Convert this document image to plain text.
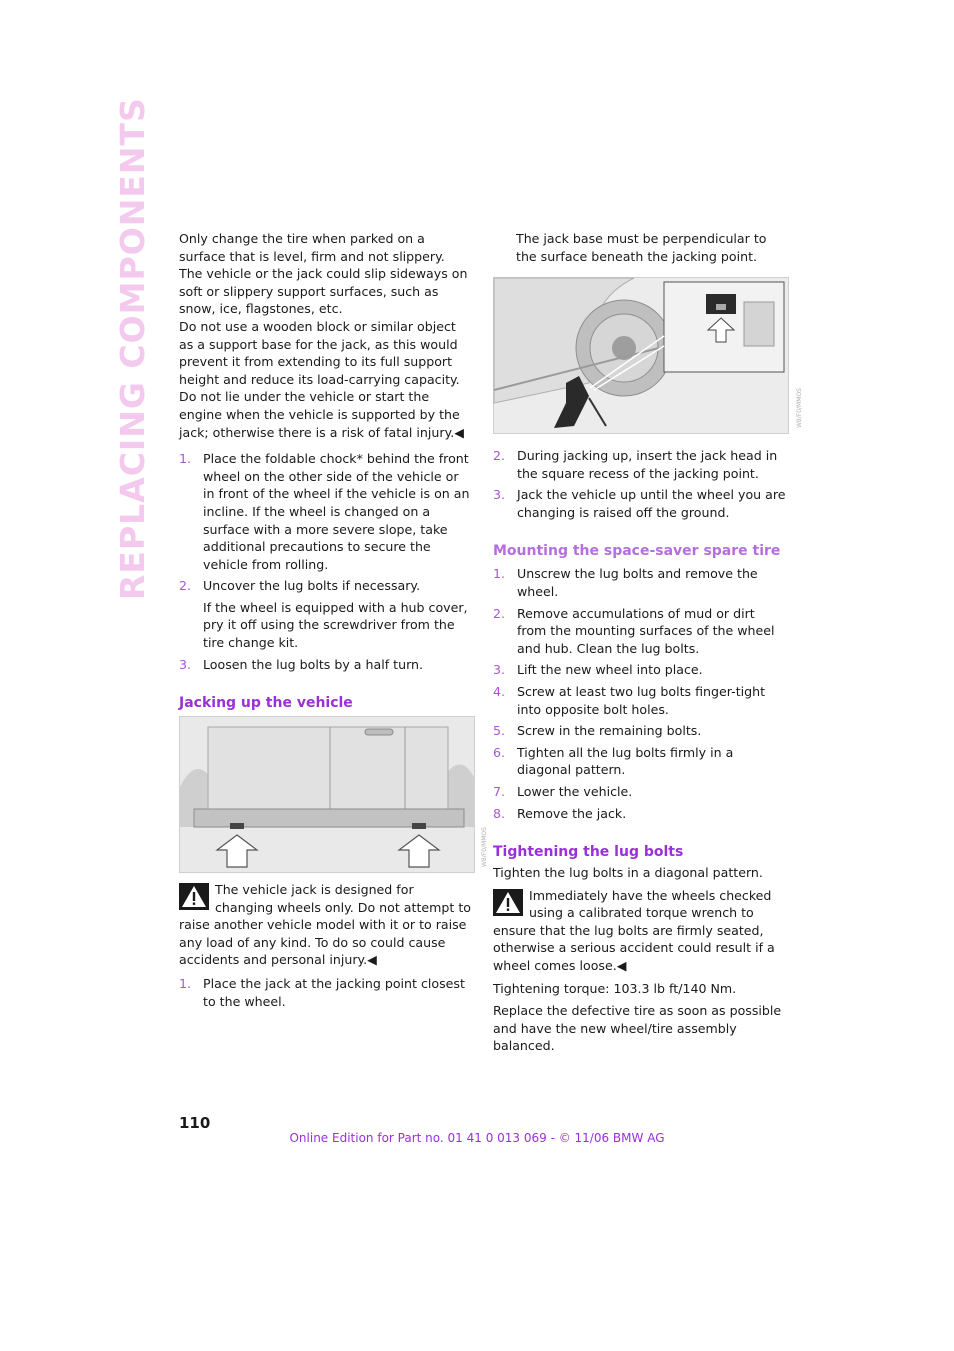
REPLACING COMPONENTS	Only change the tire when parked on a surface that is level, firm and not slippery.

The vehicle or the jack could slip sideways on soft or slippery support surfaces, such as snow, ice, flagstones, etc.

Do not use a wooden block or similar object as a support base for the jack, as this would prevent it from extending to its full support height and reduce its load-carrying capacity.

Do not lie under the vehicle or start the engine when the vehicle is supported by the jack; otherwise there is a risk of fatal injury.◀

1. Place the foldable chock* behind the front wheel on the other side of the vehicle or in front of the wheel if the vehicle is on an incline. If the wheel is changed on a surface with a more severe slope, take additional precautions to secure the vehicle from rolling.
2. Uncover the lug bolts if necessary.
If the wheel is equipped with a hub cover, pry it off using the screwdriver from the tire change kit.
3. Loosen the lug bolts by a half turn.
Jacking up the vehicle
W8/F0/MMOS
The vehicle jack is designed for changing wheels only. Do not attempt to raise another vehicle model with it or to raise any load of any kind. To do so could cause accidents and personal injury.◀
1. Place the jack at the jacking point closest to the wheel.

The jack base must be perpendicular to the surface beneath the jacking point.

W8/F0/MMOS
2. During jacking up, insert the jack head in the square recess of the jacking point.
3. Jack the vehicle up until the wheel you are changing is raised off the ground.
Mounting the space-saver spare tire
1. Unscrew the lug bolts and remove the wheel.
2. Remove accumulations of mud or dirt from the mounting surfaces of the wheel and hub. Clean the lug bolts.
3. Lift the new wheel into place.
4. Screw at least two lug bolts finger-tight into opposite bolt holes.
5. Screw in the remaining bolts.
6. Tighten all the lug bolts firmly in a diagonal pattern.
7. Lower the vehicle.
8. Remove the jack.
Tightening the lug bolts

Tighten the lug bolts in a diagonal pattern.

Immediately have the wheels checked using a calibrated torque wrench to ensure that the lug bolts are firmly seated, otherwise a serious accident could result if a wheel comes loose.◀

Tightening torque: 103.3 lb ft/140 Nm.

Replace the defective tire as soon as possible and have the new wheel/tire assembly balanced.

110
Online Edition for Part no. 01 41 0 013 069 - © 11/06 BMW AG
